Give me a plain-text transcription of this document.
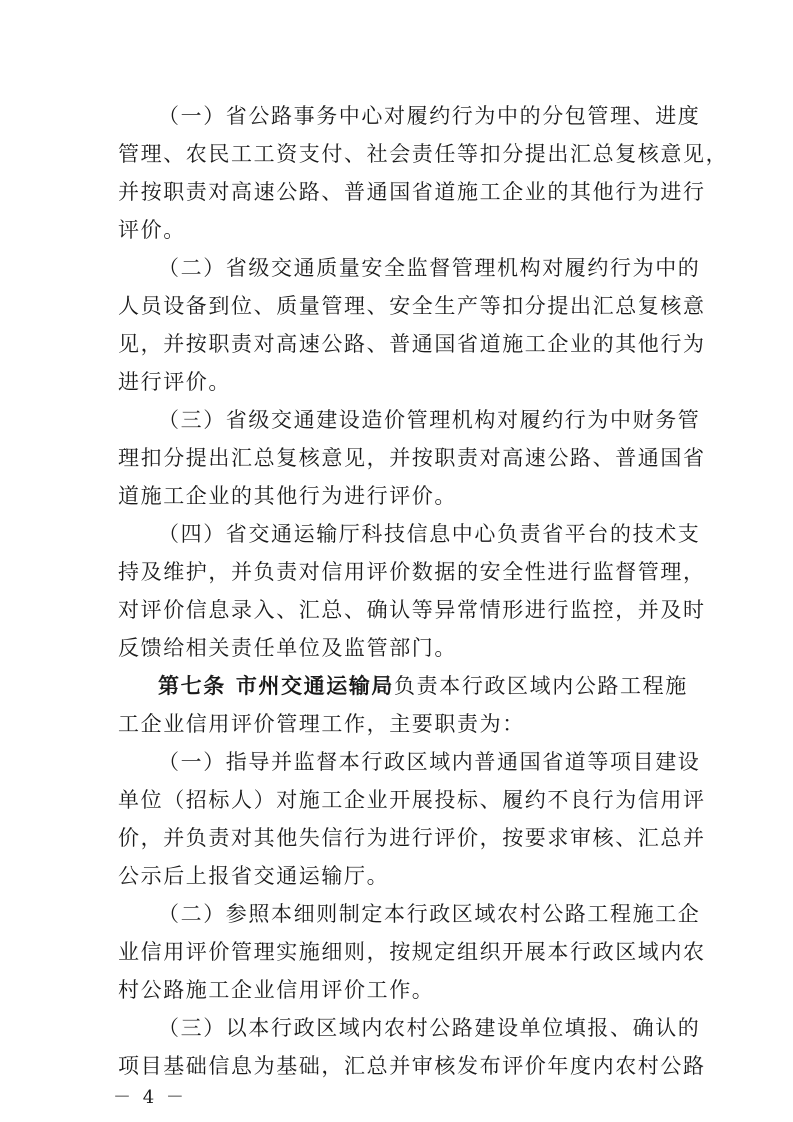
（一）省公路事务中心对履约行为中的分包管理、进度
管理、农民工工资支付、社会责任等扣分提出汇总复核意见，
并按职责对高速公路、普通国省道施工企业的其他行为进行
评价。
（二）省级交通质量安全监督管理机构对履约行为中的
人员设备到位、质量管理、安全生产等扣分提出汇总复核意
见，并按职责对高速公路、普通国省道施工企业的其他行为
进行评价。
（三）省级交通建设造价管理机构对履约行为中财务管
理扣分提出汇总复核意见，并按职责对高速公路、普通国省
道施工企业的其他行为进行评价。
（四）省交通运输厅科技信息中心负责省平台的技术支
持及维护，并负责对信用评价数据的安全性进行监督管理，
对评价信息录入、汇总、确认等异常情形进行监控，并及时
反馈给相关责任单位及监管部门。
第七条 市州交通运输局负责本行政区域内公路工程施
工企业信用评价管理工作，主要职责为：
（一）指导并监督本行政区域内普通国省道等项目建设
单位（招标人）对施工企业开展投标、履约不良行为信用评
价，并负责对其他失信行为进行评价，按要求审核、汇总并
公示后上报省交通运输厅。
（二）参照本细则制定本行政区域农村公路工程施工企
业信用评价管理实施细则，按规定组织开展本行政区域内农
村公路施工企业信用评价工作。
（三）以本行政区域内农村公路建设单位填报、确认的
项目基础信息为基础，汇总并审核发布评价年度内农村公路
－ 4 －
